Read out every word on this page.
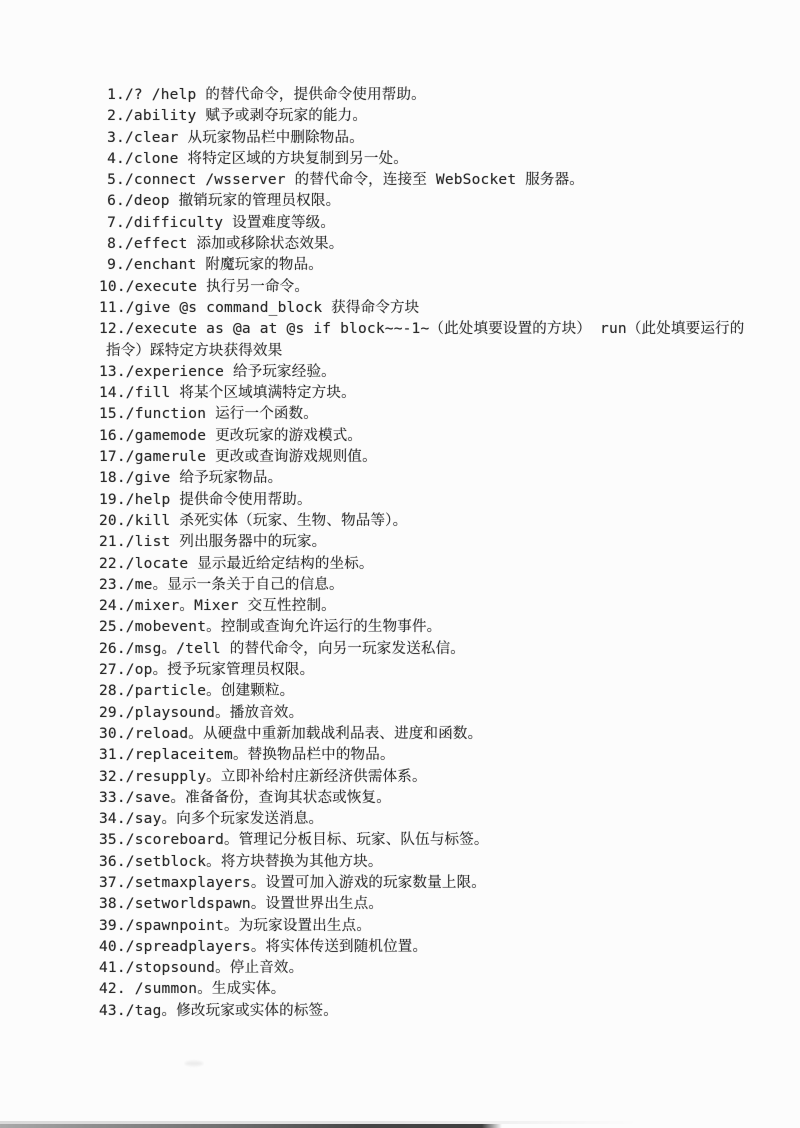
1./? /help 的替代命令，提供命令使用帮助。
2./ability 赋予或剥夺玩家的能力。
3./clear 从玩家物品栏中删除物品。
4./clone 将特定区域的方块复制到另一处。
5./connect /wsserver 的替代命令，连接至 WebSocket 服务器。
6./deop 撤销玩家的管理员权限。
7./difficulty 设置难度等级。
8./effect 添加或移除状态效果。
9./enchant 附魔玩家的物品。
10./execute 执行另一命令。
11./give @s command_block 获得命令方块
12./execute as @a at @s if block~~-1~（此处填要设置的方块） run（此处填要运行的
指令）踩特定方块获得效果
13./experience 给予玩家经验。
14./fill 将某个区域填满特定方块。
15./function 运行一个函数。
16./gamemode 更改玩家的游戏模式。
17./gamerule 更改或查询游戏规则值。
18./give 给予玩家物品。
19./help 提供命令使用帮助。
20./kill 杀死实体（玩家、生物、物品等）。
21./list 列出服务器中的玩家。
22./locate 显示最近给定结构的坐标。
23./me。显示一条关于自己的信息。
24./mixer。Mixer 交互性控制。
25./mobevent。控制或查询允许运行的生物事件。
26./msg。/tell 的替代命令，向另一玩家发送私信。
27./op。授予玩家管理员权限。
28./particle。创建颗粒。
29./playsound。播放音效。
30./reload。从硬盘中重新加载战利品表、进度和函数。
31./replaceitem。替换物品栏中的物品。
32./resupply。立即补给村庄新经济供需体系。
33./save。准备备份，查询其状态或恢复。
34./say。向多个玩家发送消息。
35./scoreboard。管理记分板目标、玩家、队伍与标签。
36./setblock。将方块替换为其他方块。
37./setmaxplayers。设置可加入游戏的玩家数量上限。
38./setworldspawn。设置世界出生点。
39./spawnpoint。为玩家设置出生点。
40./spreadplayers。将实体传送到随机位置。
41./stopsound。停止音效。
42. /summon。生成实体。
43./tag。修改玩家或实体的标签。
